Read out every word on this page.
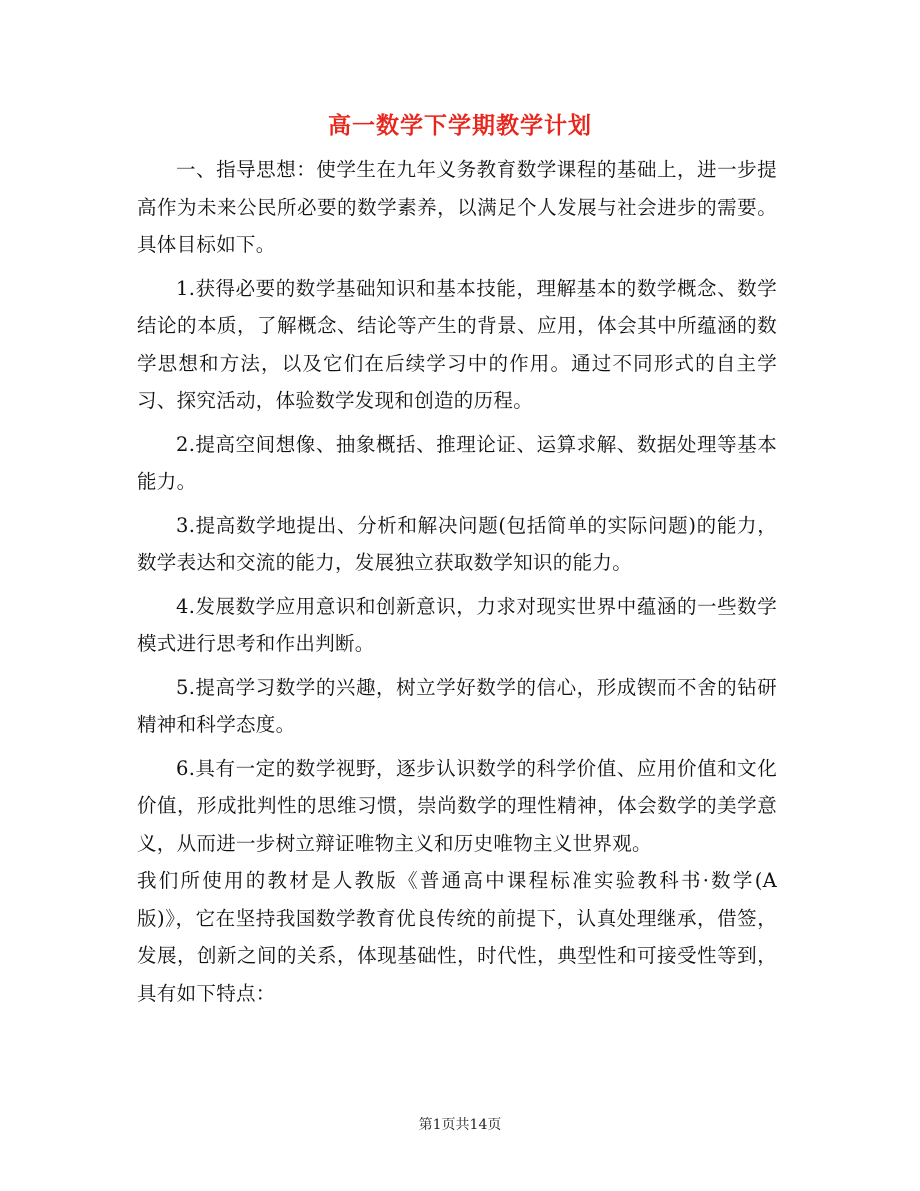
高一数学下学期教学计划

一、指导思想：使学生在九年义务教育数学课程的基础上，进一步提高作为未来公民所必要的数学素养，以满足个人发展与社会进步的需要。具体目标如下。

1.获得必要的数学基础知识和基本技能，理解基本的数学概念、数学结论的本质，了解概念、结论等产生的背景、应用，体会其中所蕴涵的数学思想和方法，以及它们在后续学习中的作用。通过不同形式的自主学习、探究活动，体验数学发现和创造的历程。

2.提高空间想像、抽象概括、推理论证、运算求解、数据处理等基本能力。

3.提高数学地提出、分析和解决问题(包括简单的实际问题)的能力，数学表达和交流的能力，发展独立获取数学知识的能力。

4.发展数学应用意识和创新意识，力求对现实世界中蕴涵的一些数学模式进行思考和作出判断。

5.提高学习数学的兴趣，树立学好数学的信心，形成锲而不舍的钻研精神和科学态度。

6.具有一定的数学视野，逐步认识数学的科学价值、应用价值和文化价值，形成批判性的思维习惯，崇尚数学的理性精神，体会数学的美学意义，从而进一步树立辩证唯物主义和历史唯物主义世界观。

我们所使用的教材是人教版《普通高中课程标准实验教科书·数学(A版)》，它在坚持我国数学教育优良传统的前提下，认真处理继承，借签，发展，创新之间的关系，体现基础性，时代性，典型性和可接受性等到，具有如下特点：

第1页共14页
